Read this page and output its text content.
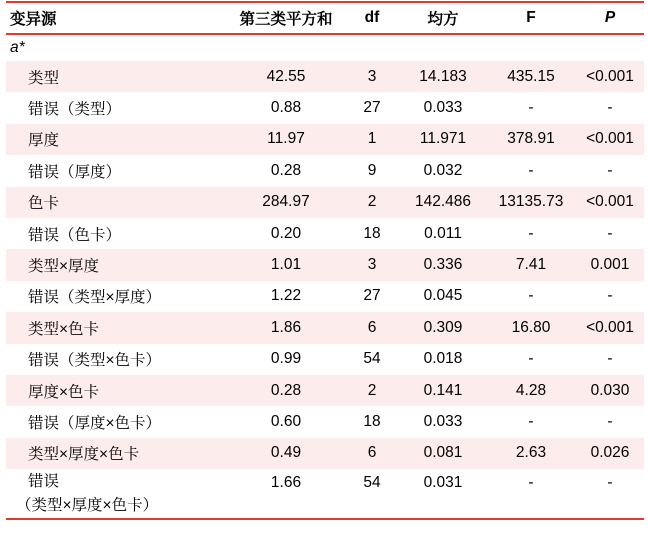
变异源	第三类平方和	df	均方	F	P
a*					
类型	42.55	3	14.183	435.15	<0.001
错误（类型）	0.88	27	0.033	-	-
厚度	11.97	1	11.971	378.91	<0.001
错误（厚度）	0.28	9	0.032	-	-
色卡	284.97	2	142.486	13135.73	<0.001
错误（色卡）	0.20	18	0.011	-	-
类型×厚度	1.01	3	0.336	7.41	0.001
错误（类型×厚度）	1.22	27	0.045	-	-
类型×色卡	1.86	6	0.309	16.80	<0.001
错误（类型×色卡）	0.99	54	0.018	-	-
厚度×色卡	0.28	2	0.141	4.28	0.030
错误（厚度×色卡）	0.60	18	0.033	-	-
类型×厚度×色卡	0.49	6	0.081	2.63	0.026

错误
（类型×厚度×色卡）	1.66	54	0.031	-	-
